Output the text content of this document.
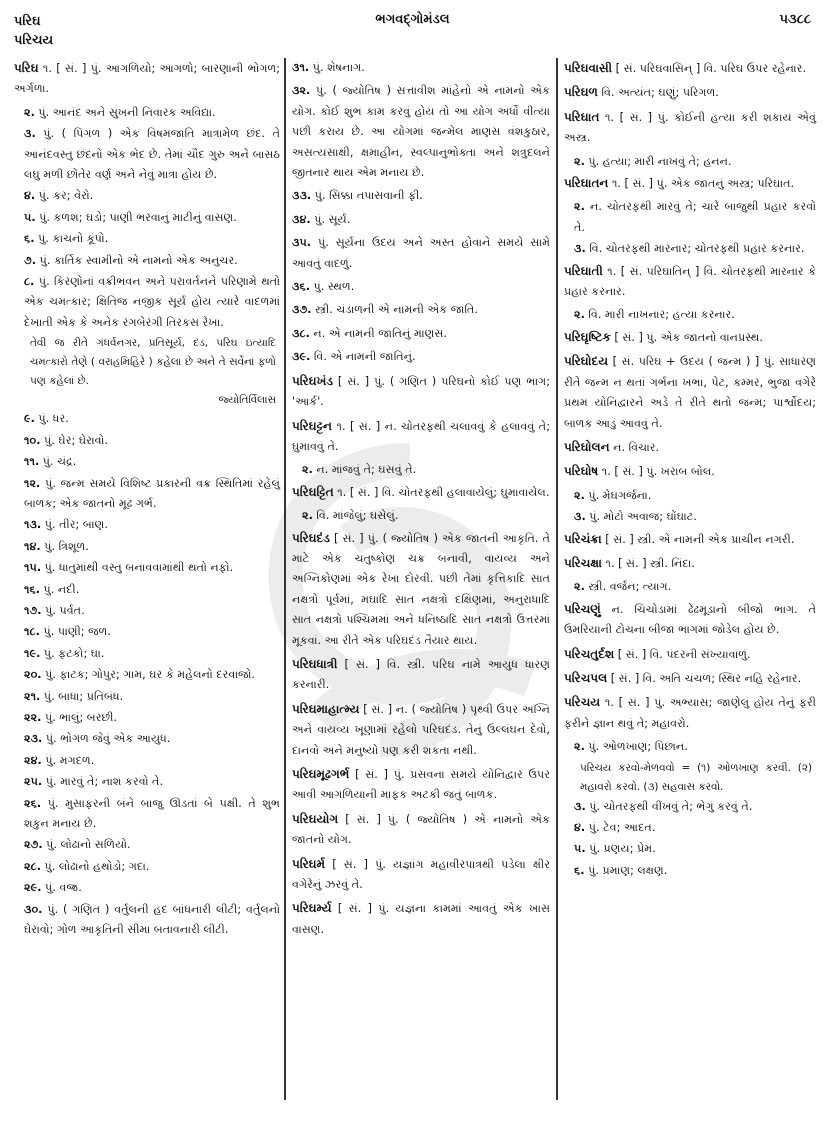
પરિઘ
પરિચય
ભગવદ્ગોમંડલ	૫૩૮૮
પરિઘ ૧. [ સં. ] પું. આગળિયો; આગળો; બારણાની ભોગળ; અર્ગળા.
૨. પું. આનંદ અને સુખની નિવારક અવિદ્યા.
૩. પું. ( પિંગળ ) એક વિષમજાતિ માત્રામેળ છંદ. તે આનંદવસ્તુ છંદનો એક ભેદ છે. તેમાં ચૌદ ગુરુ અને બાસઠ લઘુ મળી છોંતેર વર્ણ અને નેવું માત્રા હોય છે.
૪. પું. કર; વેરો.
૫. પું. કળશ; ઘડો; પાણી ભરવાનું માટીનું વાસણ.
૬. પું. કાચનો કૂંપો.
૭. પું. કાર્તિક સ્વામીનો એ નામનો એક અનુચર.
૮. પું. કિરણોનાં વક્રીભવન અને પરાવર્તનને પરિણામે થતો એક ચમત્કાર; ક્ષિતિજ નજીક સૂર્ય હોય ત્યારે વાદળમાં દેખાતી એક કે અનેક રંગબેરંગી તિરકસ રેખા.
તેવી જ રીતે ગંધર્વનગર, પ્રતિસૂર્ય, દંડ, પરિઘ ઇત્યાદિ ચમત્કારો તેણે ( વરાહમિહિરે ) કહેલા છે અને તે સર્વેનાં ફળો પણ કહેલાં છે.
જ્યોતિર્વિલાસ
૯. પું. ધર.
૧૦. પું. ઘેર; ઘેરાવો.
૧૧. પું. ચંદ્ર.
૧૨. પું. જન્મ સમયે વિશિષ્ટ પ્રકારની વક્ર સ્થિતિમાં રહેલું બાળક; એક જાતનો મૂઢ ગર્ભ.
૧૩. પું. તીર; બાણ.
૧૪. પું. ત્રિશૂળ.
૧૫. પું. ધાતુમાંથી વસ્તુ બનાવવામાંથી થતો નફો.
૧૬. પું. નદી.
૧૭. પું. પર્વત.
૧૮. પું. પાણી; જળ.
૧૯. પું. ફટકો; ઘા.
૨૦. પું. ફાટક; ગોપુર; ગામ, ઘર કે મહેલનો દરવાજો.
૨૧. પું. બાધા; પ્રતિબંધ.
૨૨. પું. ભાલું; બરછી.
૨૩. પું. ભોગળ જેવું એક આયુધ.
૨૪. પું. મગદળ.
૨૫. પું. મારવું તે; નાશ કરવો તે.
૨૬. પું. મુસાફરની બંને બાજુ ઊડતાં બે પક્ષી. તે શુભ શકુન મનાય છે.
૨૭. પું. લોઢાનો સળિયો.
૨૮. પું. લોઢાનો હથોડો; ગદા.
૨૯. પું. વજ્ર.
૩૦. પું. ( ગણિત ) વર્તુલની હદ બાંધનારી લીટી; વર્તુલનો ઘેરાવો; ગોળ આકૃતિની સીમા બતાવનારી લીટી.
૩૧. પું. શેષનાગ.
૩૨. પું. ( જ્યોતિષ ) સત્તાવીશ માંહેનો એ નામનો એક યોગ. કોઈ શુભ કામ કરવું હોય તો આ યોગ અર્ધો વીત્યા પછી કરાય છે. આ યોગમાં જન્મેલ માણસ વંશકુઠાર, અસત્યસાક્ષી, ક્ષમાહીન, સ્વલ્પાનુભોક્તા અને શત્રુદલને જીતનાર થાય એમ મનાય છે.
૩૩. પું. સિક્કા તપાસવાની ફી.
૩૪. પું. સૂર્ય.
૩૫. પું. સૂર્યના ઉદય અને અસ્ત હોવાને સમયે સામે આવતું વાદળું.
૩૬. પું. સ્થળ.
૩૭. સ્ત્રી. ચંડાળની એ નામની એક જાતિ.
૩૮. ન. એ નામની જાતિનું માણસ.
૩૯. વિ. એ નામની જાતિનું.
પરિઘખંડ [ સં. ] પું. ( ગણિત ) પરિઘનો કોઈ પણ ભાગ; 'આર્ક'.
પરિઘટ્ટન ૧. [ સં. ] ન. ચોતરફથી ચલાવવું કે હલાવવું તે; ઘુમાવવું તે.
૨. ન. માંજવું તે; ઘસવું તે.
પરિઘટ્ટિત ૧. [ સં. ] વિ. ચોતરફથી હલાવાયેલું; ઘુમાવાયેલ.
૨. વિ. માંજેલું; ઘસેલું.
પરિઘદંડ [ સં. ] પું. ( જ્યોતિષ ) એક જાતની આકૃતિ. તે માટે એક ચતુષ્કોણ ચક્ર બનાવી, વાયવ્ય અને અગ્નિકોણમાં એક રેખા દોરવી. પછી તેમાં કૃત્તિકાદિ સાત નક્ષત્રો પૂર્વમાં, મઘાદિ સાત નક્ષત્રો દક્ષિણમાં, અનુરાધાદિ સાત નક્ષત્રો પશ્ચિમમાં અને ધનિષ્ઠાદિ સાત નક્ષત્રો ઉત્તરમાં મૂકવાં. આ રીતે એક પરિઘદંડ તૈયાર થાય.
પરિઘધાત્રી [ સં. ] વિ. સ્ત્રી. પરિઘ નામે આયુધ ધારણ કરનારી.
પરિઘમાહાત્મ્ય [ સં. ] ન. ( જ્યોતિષ ) પૃથ્વી ઉપર અગ્નિ અને વાયવ્ય ખૂણામાં રહેલો પરિઘદંડ. તેનું ઉલ્લંઘન દેવો, દાનવો અને મનુષ્યો પણ કરી શકતા નથી.
પરિઘમૂઢગર્ભ [ સં. ] પું. પ્રસવના સમયે યોનિદ્વાર ઉપર આવી આગળિયાની માફક અટકી જતું બાળક.
પરિઘયોગ [ સં. ] પું. ( જ્યોતિષ ) એ નામનો એક જાતનો યોગ.
પરિઘર્મ [ સં. ] પું. યજ્ઞાંગ મહાવીરપાત્રથી પડેલા ક્ષીર વગેરેનું ઝરવું તે.
પરિઘર્મ્ય [ સં. ] પું. યજ્ઞના કામમાં આવતું એક ખાસ વાસણ.
પરિઘવાસી [ સં. પરિઘવાસિન્ ] વિ. પરિઘ ઉપર રહેનાર.
પરિઘળ વિ. અત્યંત; ઘણું; પરિગળ.
પરિઘાત ૧. [ સં. ] પું. કોઈની હત્યા કરી શકાય એવું અસ્ત્ર.
૨. પું. હત્યા; મારી નાખવું તે; હનન.
પરિઘાતન ૧. [ સં. ] પું. એક જાતનું અસ્ત્ર; પરિઘાત.
૨. ન. ચોતરફથી મારવું તે; ચારે બાજુથી પ્રહાર કરવો તે.
૩. વિ. ચોતરફથી મારનાર; ચોતરફથી પ્રહાર કરનાર.
પરિઘાતી ૧. [ સં. પરિઘાતિન્ ] વિ. ચોતરફથી મારનાર કે પ્રહાર કરનાર.
૨. વિ. મારી નાખનાર; હત્યા કરનાર.
પરિઘૃષ્ટિક [ સં. ] પું. એક જાતનો વાનપ્રસ્થ.
પરિઘોદય [ સં. પરિઘ + ઉદય ( જન્મ ) ] પું. સાધારણ રીતે જન્મ ન થતાં ગર્ભના ખભા, પેટ, કમ્મર, ભુજા વગેરે પ્રથમ યોનિદ્વારને અડે તે રીતે થતો જન્મ; પાર્શ્વોદય; બાળક આડું આવવું તે.
પરિઘોલન ન. વિચાર.
પરિઘોષ ૧. [ સં. ] પું. ખરાબ બોલ.
૨. પું. મેઘગર્જના.
૩. પું. મોટો અવાજ; ઘોંઘાટ.
પરિચંક્રા [ સં. ] સ્ત્રી. એ નામની એક પ્રાચીન નગરી.
પરિચક્ષા ૧. [ સં. ] સ્ત્રી. નિંદા.
૨. સ્ત્રી. વર્જન; ત્યાગ.
પરિચણું ન. ચિચોડામાં ઢેંઢમૂડાનો બીજો ભાગ. તે ઉમરિયાની ટોચના બીજા ભાગમાં જોડેલ હોય છે.
પરિચતુર્દશ [ સં. ] વિ. પંદરની સંખ્યાવાળું.
પરિચપલ [ સં. ] વિ. અતિ ચંચળ; સ્થિર નહિ રહેનાર.
પરિચય ૧. [ સં. ] પું. અભ્યાસ; જાણેલું હોય તેનું ફરી ફરીને જ્ઞાન થવું તે; મહાવરો.
૨. પું. ઓળખાણ; પિછાન.
પરિચય કરવો-મેળવવો = (૧) ઓળખાણ કરવી. (૨) મહાવરો કરવો. (૩) સહવાસ કરવો.
૩. પું. ચોતરફથી વીંખવું તે; ભેગું કરવું તે.
૪. પું. ટેવ; આદત.
૫. પું. પ્રણય; પ્રેમ.
૬. પું. પ્રમાણ; લક્ષણ.
